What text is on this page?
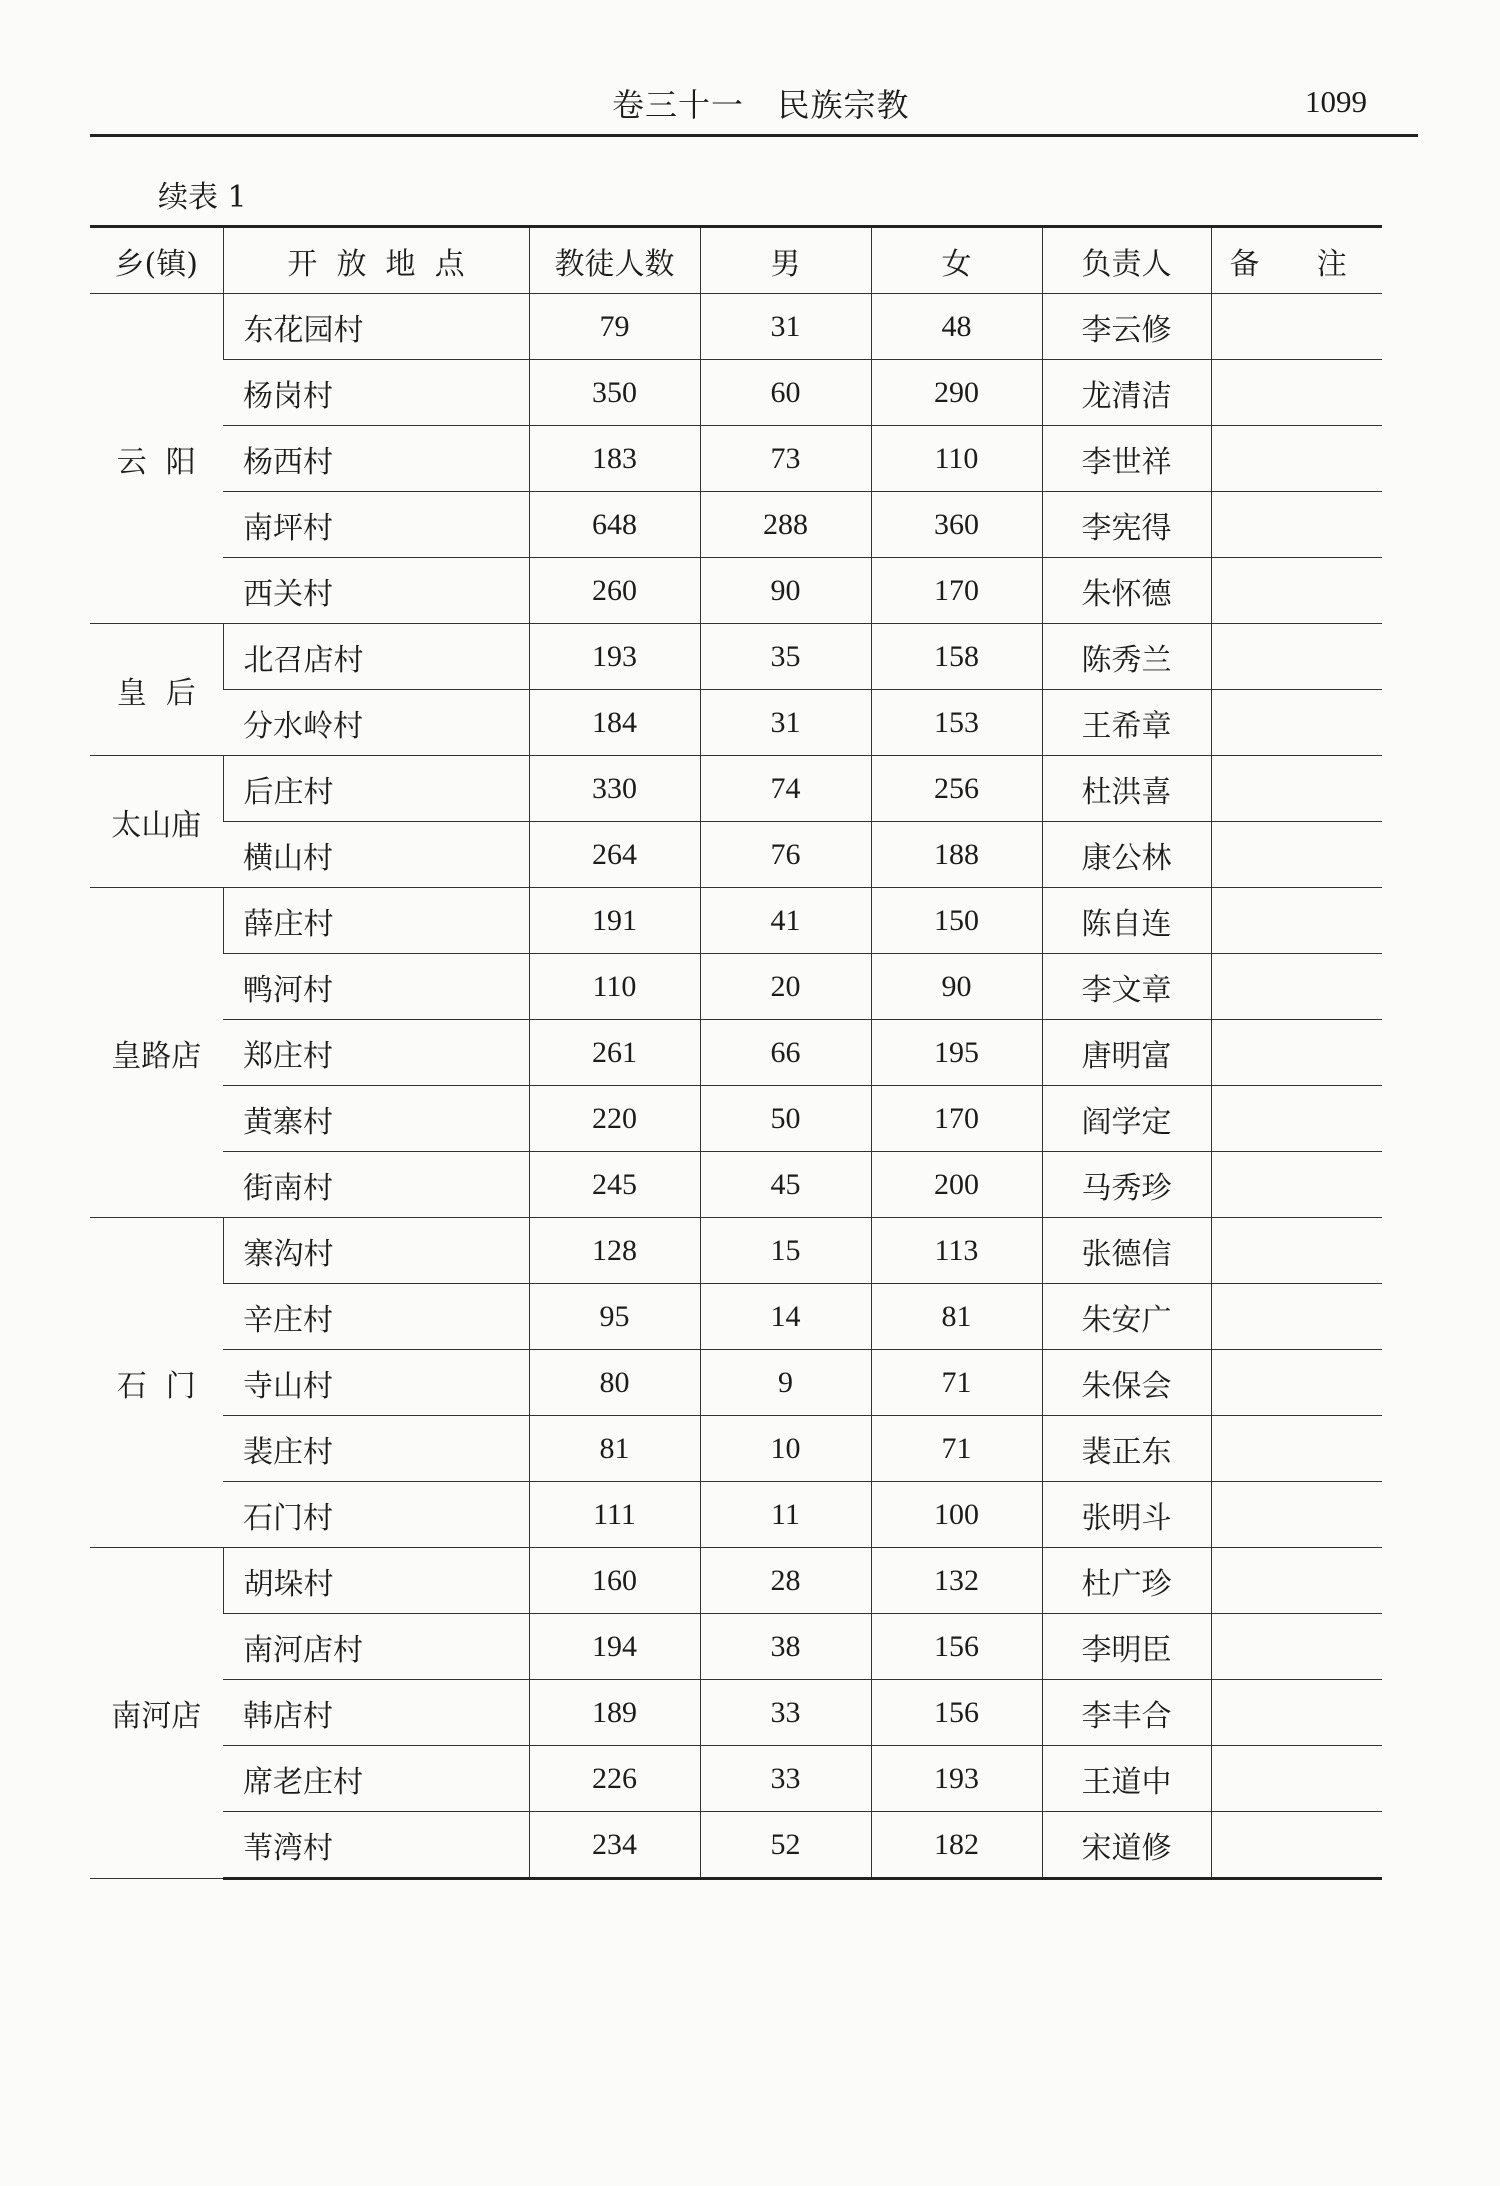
卷三十一   民族宗教	1099
续表 1
乡(镇)	开  放  地  点	教徒人数	男	女	负责人	备      注
云  阳	东花园村	79	31	48	李云修	
	杨岗村	350	60	290	龙清洁	
	杨西村	183	73	110	李世祥	
	南坪村	648	288	360	李宪得	
	西关村	260	90	170	朱怀德	
皇  后	北召店村	193	35	158	陈秀兰	
	分水岭村	184	31	153	王希章	
太山庙	后庄村	330	74	256	杜洪喜	
	横山村	264	76	188	康公林	
皇路店	薛庄村	191	41	150	陈自连	
	鸭河村	110	20	90	李文章	
	郑庄村	261	66	195	唐明富	
	黄寨村	220	50	170	阎学定	
	街南村	245	45	200	马秀珍	
石  门	寨沟村	128	15	113	张德信	
	辛庄村	95	14	81	朱安广	
	寺山村	80	9	71	朱保会	
	裴庄村	81	10	71	裴正东	
	石门村	111	11	100	张明斗	
南河店	胡垛村	160	28	132	杜广珍	
	南河店村	194	38	156	李明臣	
	韩店村	189	33	156	李丰合	
	席老庄村	226	33	193	王道中	
	苇湾村	234	52	182	宋道修	
